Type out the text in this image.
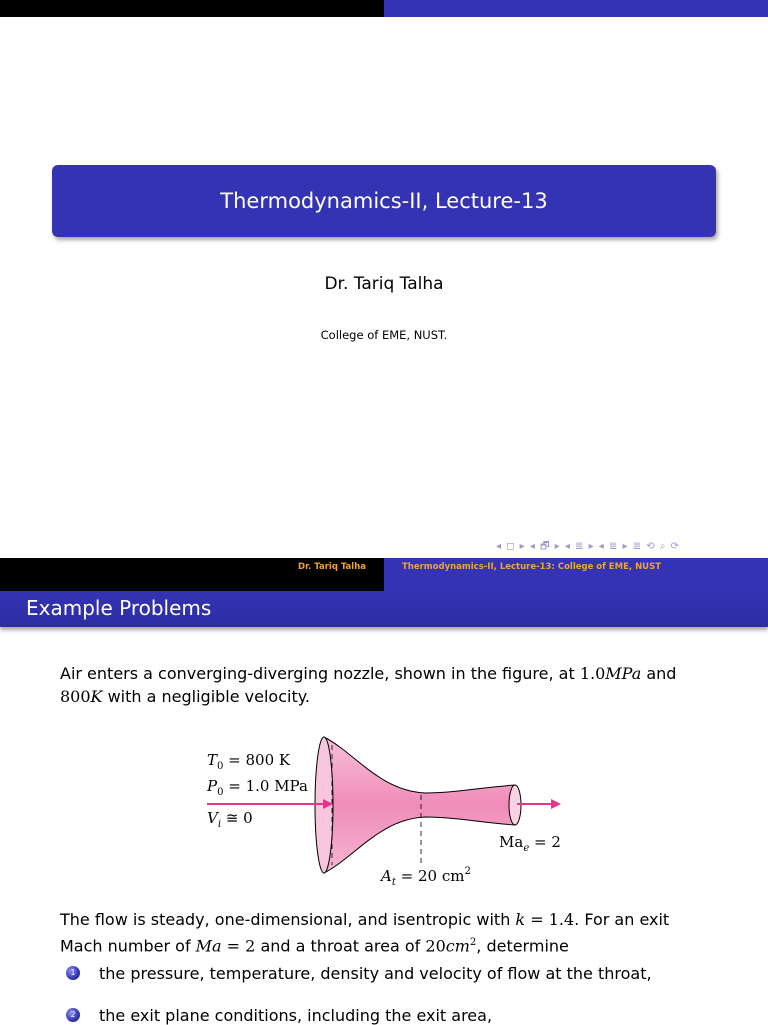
Thermodynamics-II, Lecture-13
Dr. Tariq Talha
College of EME, NUST.
◂ ◻ ▸ ◂ 🗗 ▸ ◂ ≣ ▸ ◂ ≣ ▸ ≣ ⟲ ⌕ ⟳
Dr. Tariq Talha	Thermodynamics-II, Lecture-13: College of EME, NUST
Example Problems
Air enters a converging-diverging nozzle, shown in the figure, at 1.0MPa and
800K with a negligible velocity.
$T_0 = 800$ K
$P_0 = 1.0$ MPa
$V_i$ ≅ 0
$Ma_e = 2$
$A_t = 20$ $cm^2$
The flow is steady, one-dimensional, and isentropic with k = 1.4. For an exit
Mach number of Ma = 2 and a throat area of $20cm^2$, determine
1 the pressure, temperature, density and velocity of flow at the throat,
2 the exit plane conditions, including the exit area,
